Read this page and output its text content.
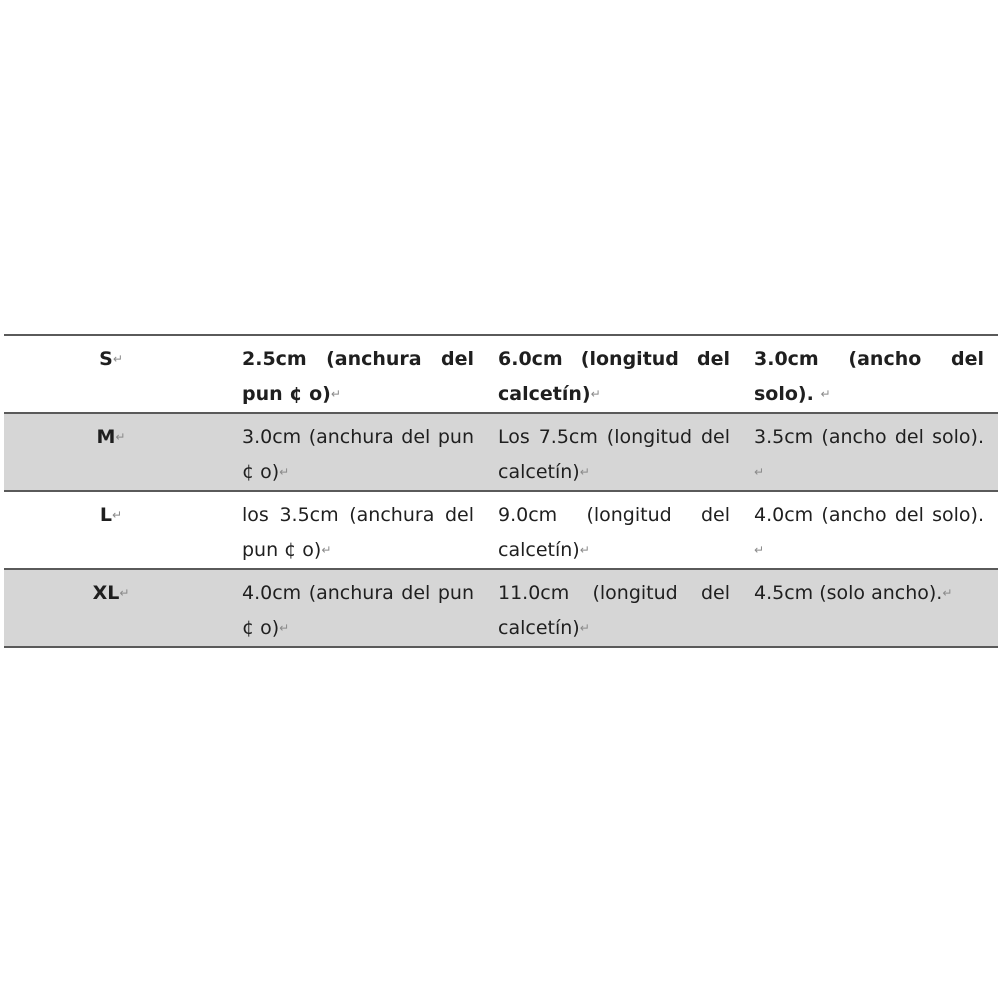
S↵	2.5cm (anchura del pun ¢ o)↵	6.0cm (longitud del calcetín)↵	3.0cm (ancho del solo). ↵
M↵	3.0cm (anchura del pun ¢ o)↵	Los 7.5cm (longitud del calcetín)↵	3.5cm (ancho del solo). ↵
L↵	los 3.5cm (anchura del pun ¢ o)↵	9.0cm (longitud del calcetín)↵	4.0cm (ancho del solo). ↵
XL↵	4.0cm (anchura del pun ¢ o)↵	11.0cm (longitud del calcetín)↵	4.5cm (solo ancho).↵
